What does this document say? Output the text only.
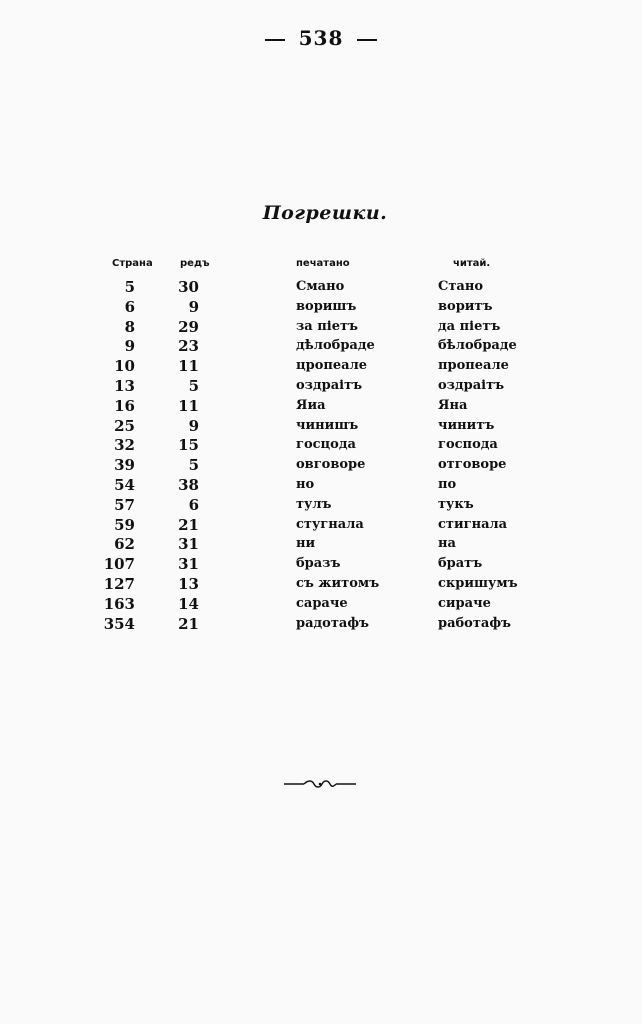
538
Погрешки.
Страна	редъ	печатано	читай.
5	30	Смано	Стано
6	9	воришъ	воритъ
8	29	за піетъ	да піетъ
9	23	дѣлобраде	бѣлобраде
10	11	цропеале	пропеале
13	5	оздраітъ	оздраітъ
16	11	Яиа	Яна
25	9	чинишъ	чинитъ
32	15	госцода	господа
39	5	овговоре	отговоре
54	38	но	по
57	6	тулъ	тукъ
59	21	стугнала	стигнала
62	31	ни	на
107	31	бразъ	братъ
127	13	съ житомъ	скришумъ
163	14	сараче	сираче
354	21	радотафъ	работафъ
